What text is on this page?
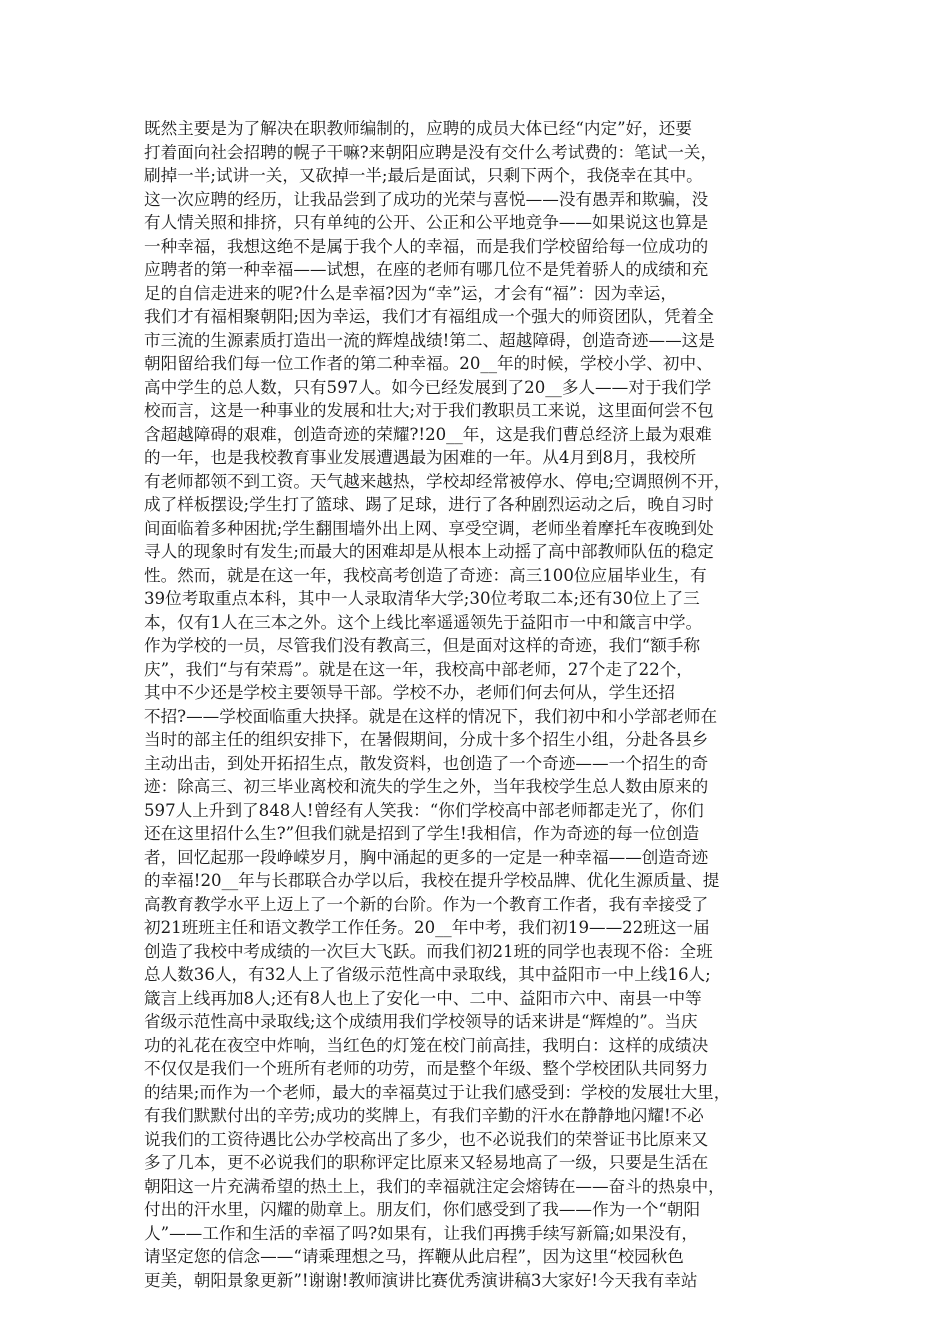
既然主要是为了解决在职教师编制的，应聘的成员大体已经“内定”好，还要
打着面向社会招聘的幌子干嘛?来朝阳应聘是没有交什么考试费的：笔试一关，
刷掉一半;试讲一关，又砍掉一半;最后是面试，只剩下两个，我侥幸在其中。
这一次应聘的经历，让我品尝到了成功的光荣与喜悦——没有愚弄和欺骗，没
有人情关照和排挤，只有单纯的公开、公正和公平地竞争——如果说这也算是
一种幸福，我想这绝不是属于我个人的幸福，而是我们学校留给每一位成功的
应聘者的第一种幸福——试想，在座的老师有哪几位不是凭着骄人的成绩和充
足的自信走进来的呢?什么是幸福?因为“幸”运，才会有“福”：因为幸运，
我们才有福相聚朝阳;因为幸运，我们才有福组成一个强大的师资团队，凭着全
市三流的生源素质打造出一流的辉煌战绩!第二、超越障碍，创造奇迹——这是
朝阳留给我们每一位工作者的第二种幸福。20__年的时候，学校小学、初中、
高中学生的总人数，只有597人。如今已经发展到了20__多人——对于我们学
校而言，这是一种事业的发展和壮大;对于我们教职员工来说，这里面何尝不包
含超越障碍的艰难，创造奇迹的荣耀?!20__年，这是我们曹总经济上最为艰难
的一年，也是我校教育事业发展遭遇最为困难的一年。从4月到8月，我校所
有老师都领不到工资。天气越来越热，学校却经常被停水、停电;空调照例不开，
成了样板摆设;学生打了篮球、踢了足球，进行了各种剧烈运动之后，晚自习时
间面临着多种困扰;学生翻围墙外出上网、享受空调，老师坐着摩托车夜晚到处
寻人的现象时有发生;而最大的困难却是从根本上动摇了高中部教师队伍的稳定
性。然而，就是在这一年，我校高考创造了奇迹：高三100位应届毕业生，有
39位考取重点本科，其中一人录取清华大学;30位考取二本;还有30位上了三
本，仅有1人在三本之外。这个上线比率遥遥领先于益阳市一中和箴言中学。
作为学校的一员，尽管我们没有教高三，但是面对这样的奇迹，我们“额手称
庆”，我们“与有荣焉”。就是在这一年，我校高中部老师，27个走了22个，
其中不少还是学校主要领导干部。学校不办，老师们何去何从，学生还招
不招?——学校面临重大抉择。就是在这样的情况下，我们初中和小学部老师在
当时的部主任的组织安排下，在暑假期间，分成十多个招生小组，分赴各县乡
主动出击，到处开拓招生点，散发资料，也创造了一个奇迹——一个招生的奇
迹：除高三、初三毕业离校和流失的学生之外，当年我校学生总人数由原来的
597人上升到了848人!曾经有人笑我：“你们学校高中部老师都走光了，你们
还在这里招什么生?”但我们就是招到了学生!我相信，作为奇迹的每一位创造
者，回忆起那一段峥嵘岁月，胸中涌起的更多的一定是一种幸福——创造奇迹
的幸福!20__年与长郡联合办学以后，我校在提升学校品牌、优化生源质量、提
高教育教学水平上迈上了一个新的台阶。作为一个教育工作者，我有幸接受了
初21班班主任和语文教学工作任务。20__年中考，我们初19——22班这一届
创造了我校中考成绩的一次巨大飞跃。而我们初21班的同学也表现不俗：全班
总人数36人，有32人上了省级示范性高中录取线，其中益阳市一中上线16人;
箴言上线再加8人;还有8人也上了安化一中、二中、益阳市六中、南县一中等
省级示范性高中录取线;这个成绩用我们学校领导的话来讲是“辉煌的”。当庆
功的礼花在夜空中炸响，当红色的灯笼在校门前高挂，我明白：这样的成绩决
不仅仅是我们一个班所有老师的功劳，而是整个年级、整个学校团队共同努力
的结果;而作为一个老师，最大的幸福莫过于让我们感受到：学校的发展壮大里，
有我们默默付出的辛劳;成功的奖牌上，有我们辛勤的汗水在静静地闪耀!不必
说我们的工资待遇比公办学校高出了多少，也不必说我们的荣誉证书比原来又
多了几本，更不必说我们的职称评定比原来又轻易地高了一级，只要是生活在
朝阳这一片充满希望的热土上，我们的幸福就注定会熔铸在——奋斗的热泉中，
付出的汗水里，闪耀的勋章上。朋友们，你们感受到了我——作为一个“朝阳
人”——工作和生活的幸福了吗?如果有，让我们再携手续写新篇;如果没有，
请坚定您的信念——“请乘理想之马，挥鞭从此启程”，因为这里“校园秋色
更美，朝阳景象更新”!谢谢!教师演讲比赛优秀演讲稿3大家好!今天我有幸站
